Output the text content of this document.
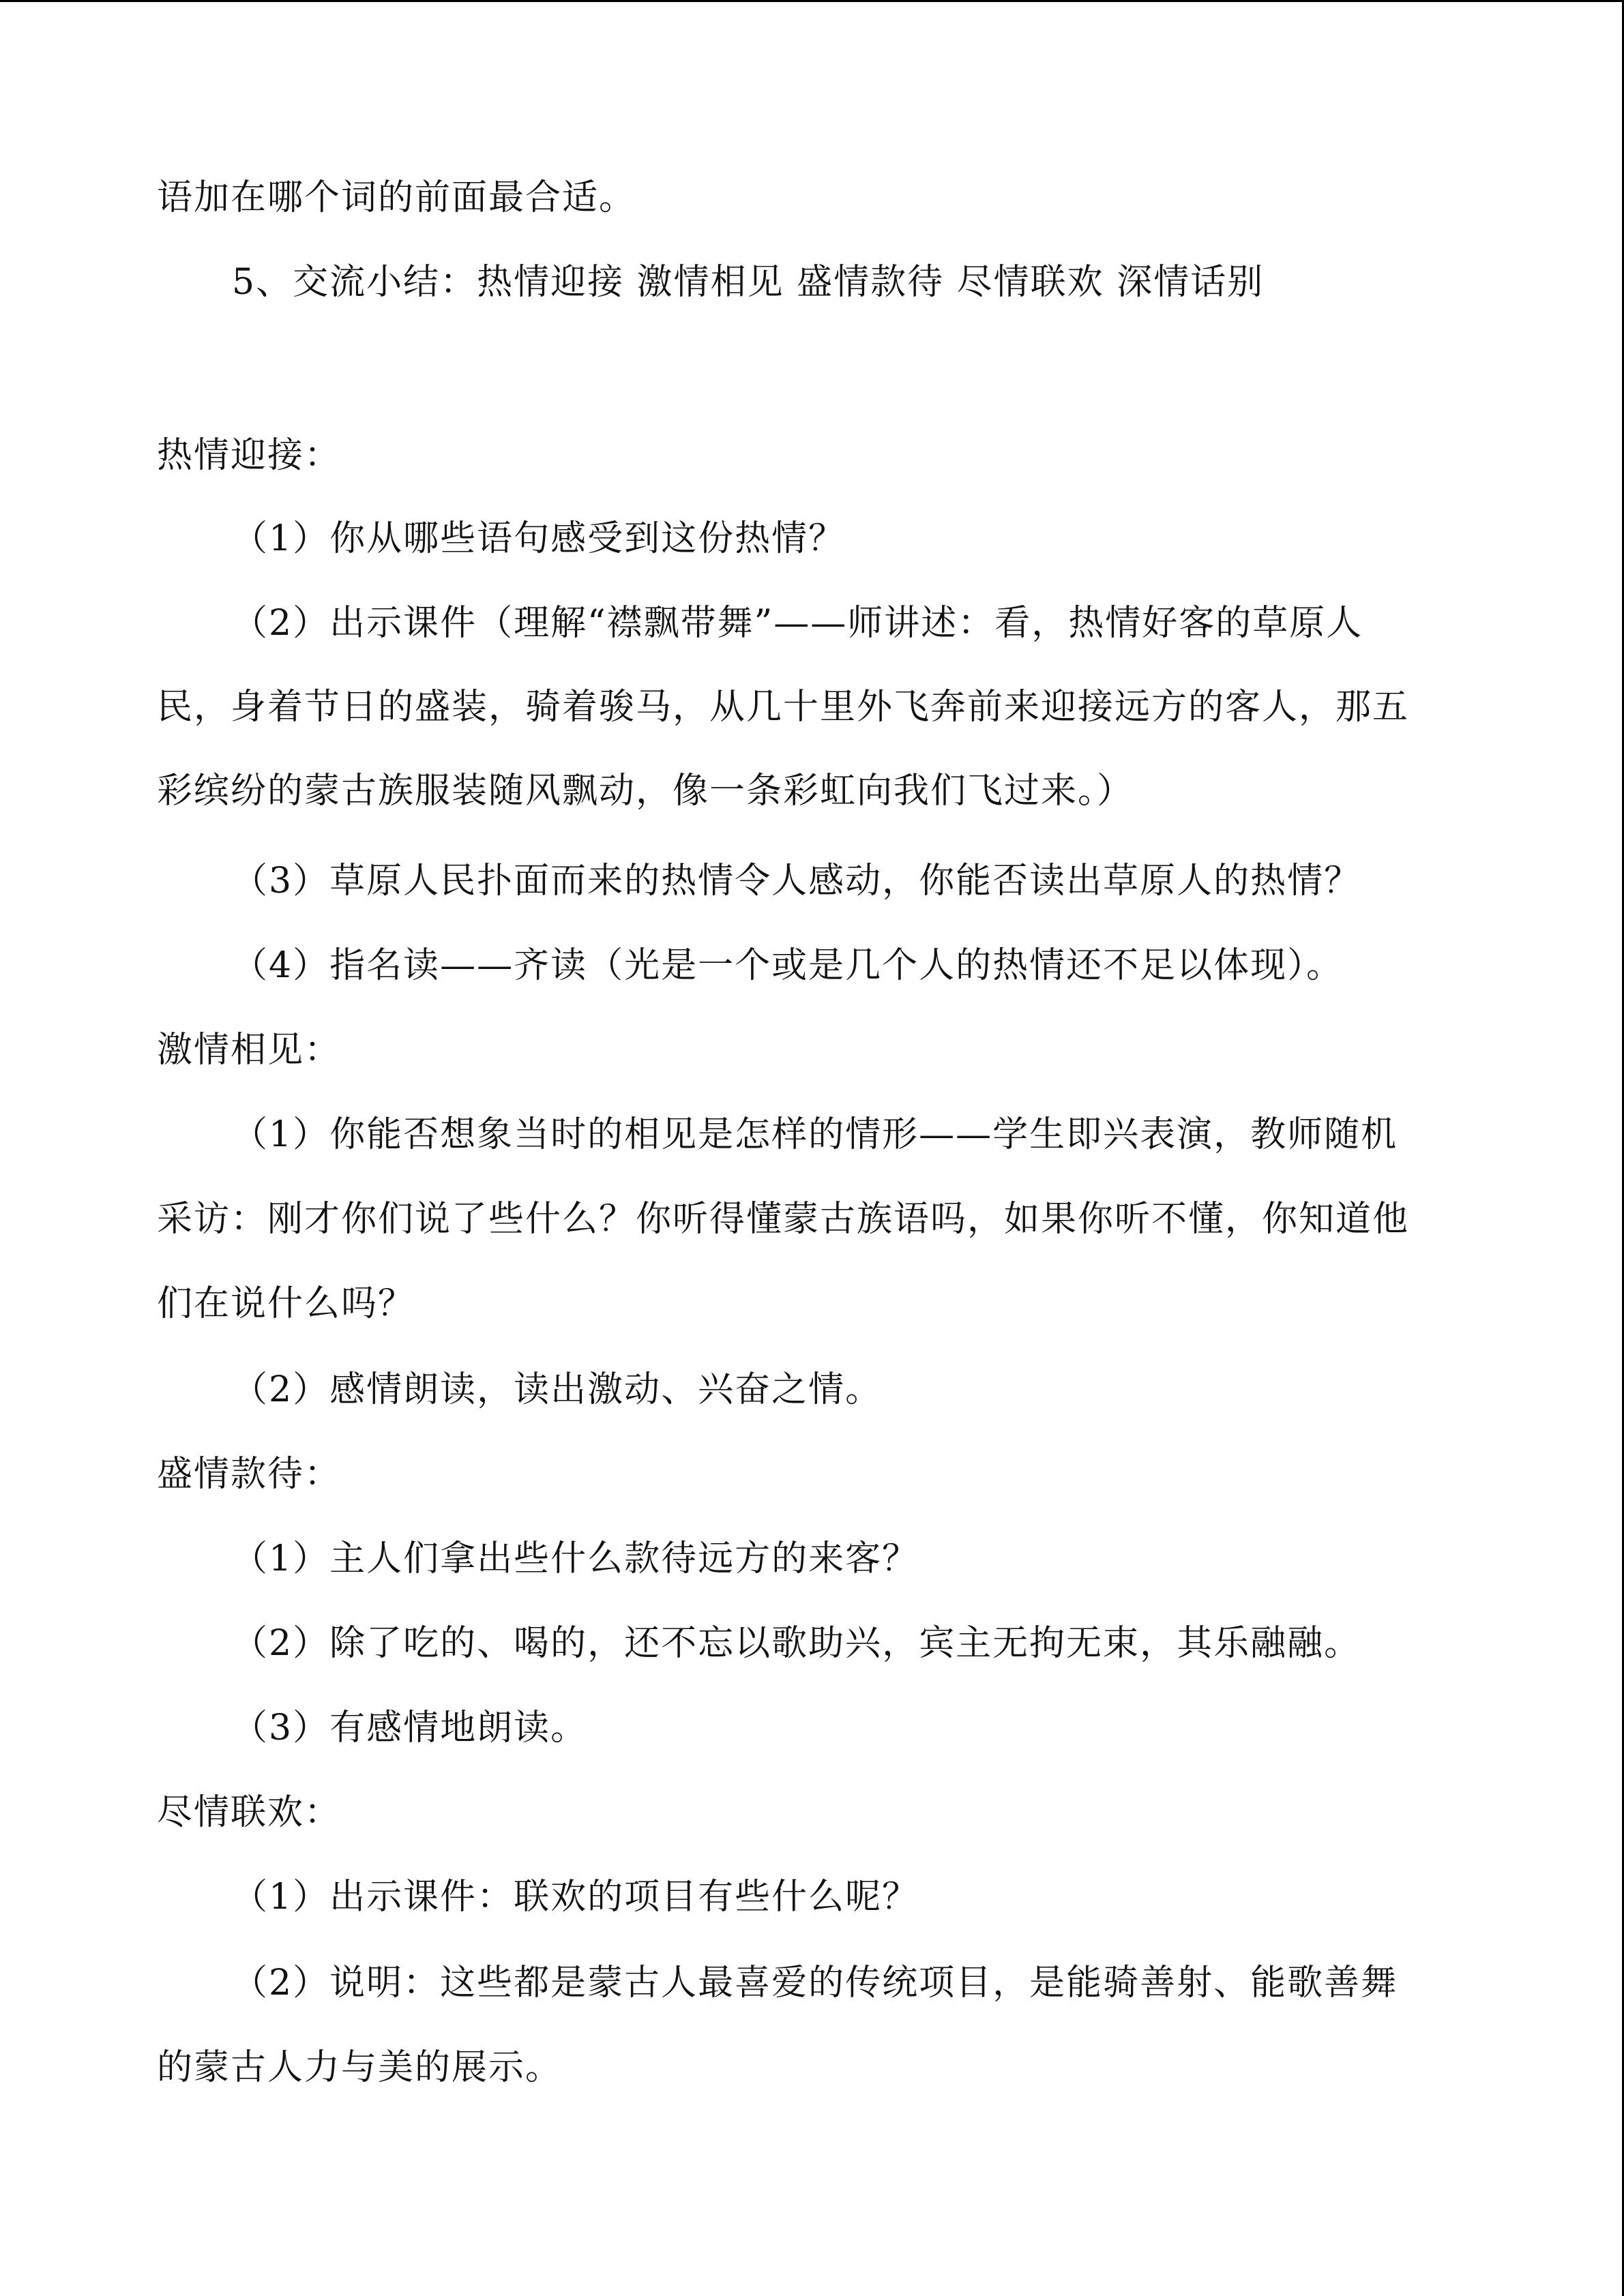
语加在哪个词的前面最合适。
5、交流小结：热情迎接 激情相见 盛情款待 尽情联欢 深情话别
热情迎接：
（1）你从哪些语句感受到这份热情？
（2）出示课件（理解“襟飘带舞”——师讲述：看，热情好客的草原人
民，身着节日的盛装，骑着骏马，从几十里外飞奔前来迎接远方的客人，那五
彩缤纷的蒙古族服装随风飘动，像一条彩虹向我们飞过来。）
（3）草原人民扑面而来的热情令人感动，你能否读出草原人的热情？
（4）指名读——齐读（光是一个或是几个人的热情还不足以体现）。
激情相见：
（1）你能否想象当时的相见是怎样的情形——学生即兴表演，教师随机
采访：刚才你们说了些什么？你听得懂蒙古族语吗，如果你听不懂，你知道他
们在说什么吗？
（2）感情朗读，读出激动、兴奋之情。
盛情款待：
（1）主人们拿出些什么款待远方的来客？
（2）除了吃的、喝的，还不忘以歌助兴，宾主无拘无束，其乐融融。
（3）有感情地朗读。
尽情联欢：
（1）出示课件：联欢的项目有些什么呢？
（2）说明：这些都是蒙古人最喜爱的传统项目，是能骑善射、能歌善舞
的蒙古人力与美的展示。
